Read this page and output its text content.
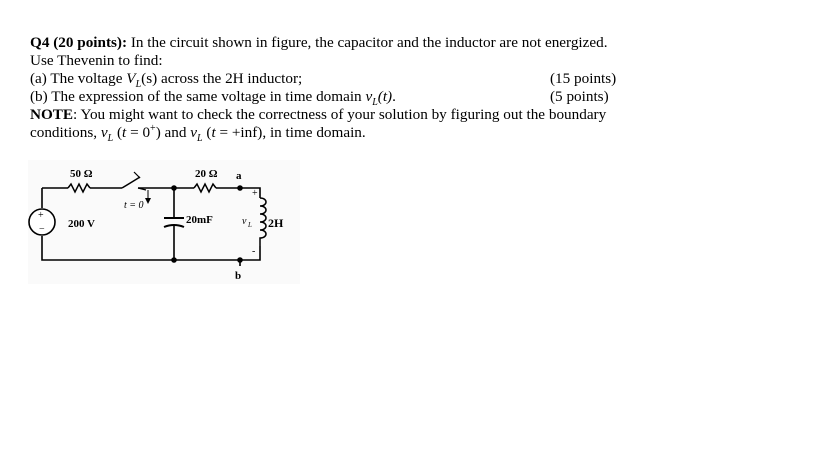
Q4 (20 points): In the circuit shown in figure, the capacitor and the inductor are not energized.
Use Thevenin to find:
(a) The voltage $V_L(s)$ across the 2H inductor;	(15 points)
(b) The expression of the same voltage in time domain $v_L(t)$.	(5 points)
NOTE: You might want to check the correctness of your solution by figuring out the boundary
conditions, $v_L$ (t = 0+) and $v_L$ (t = +inf), in time domain.
+
−
50 Ω	20 Ω a
b
t = 0
200 V	20mF	2H
v L
+
-
